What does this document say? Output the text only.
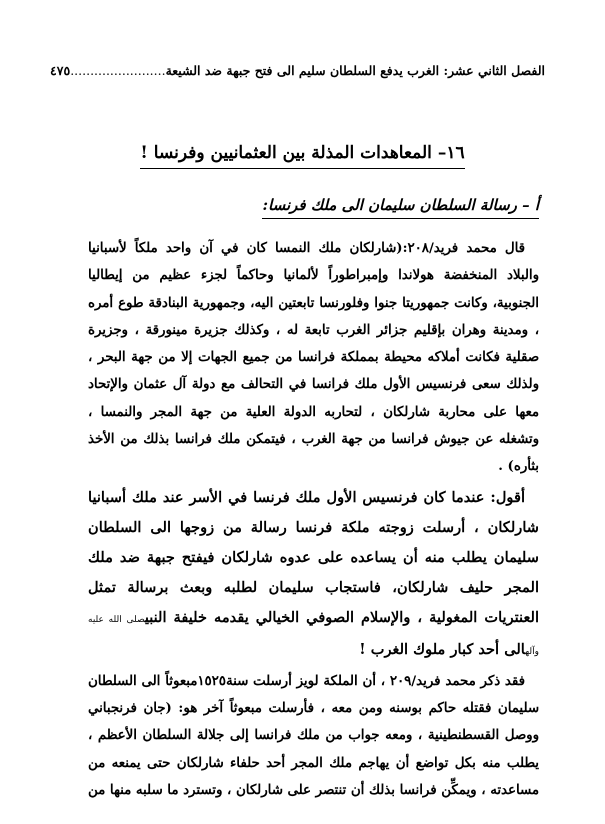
الفصل الثاني عشر: الغرب يدفع السلطان سليم الى فتح جبهة ضد الشيعة........................٤٧٥
١٦– المعاهدات المذلة بين العثمانيين وفرنسا !
أ – رسالة السلطان سليمان الى ملك فرنسا:

قال محمد فريد/٢٠٨:(شارلكان ملك النمسا كان في آن واحد ملكاً لأسبانيا والبلاد المنخفضة هولاندا وإمبراطوراً لألمانيا وحاكماً لجزء عظيم من إيطاليا الجنوبية، وكانت جمهوريتا جنوا وفلورنسا تابعتين اليه، وجمهورية البنادقة طوع أمره ، ومدينة وهران بإقليم جزائر الغرب تابعة له ، وكذلك جزيرة مينورقة ، وجزيرة صقلية فكانت أملاكه محيطة بمملكة فرانسا من جميع الجهات إلا من جهة البحر ، ولذلك سعى فرنسيس الأول ملك فرانسا في التحالف مع دولة آل عثمان والإتحاد معها على محاربة شارلكان ، لتحاربه الدولة العلية من جهة المجر والنمسا ، وتشغله عن جيوش فرانسا من جهة الغرب ، فيتمكن ملك فرانسا بذلك من الأخذ بثأره) .

أقول: عندما كان فرنسيس الأول ملك فرنسا في الأسر عند ملك أسبانيا شارلكان ، أرسلت زوجته ملكة فرنسا رسالة من زوجها الى السلطان سليمان يطلب منه أن يساعده على عدوه شارلكان فيفتح جبهة ضد ملك المجر حليف شارلكان، فاستجاب سليمان لطلبه وبعث برسالة تمثل العنتريات المغولية ، والإسلام الصوفي الخيالي يقدمه خليفة النبيصلى الله عليه وآلهالى أحد كبار ملوك الغرب !

فقد ذكر محمد فريد/٢٠٩ ، أن الملكة لويز أرسلت سنة١٥٢٥مبعوثاً الى السلطان سليمان فقتله حاكم بوسنه ومن معه ، فأرسلت مبعوثاً آخر هو: (جان فرنجباني ووصل القسطنطينية ، ومعه جواب من ملك فرانسا إلى جلالة السلطان الأعظم ، يطلب منه بكل تواضع أن يهاجم ملك المجر أحد حلفاء شارلكان حتى يمنعه من مساعدته ، ويمكِّن فرانسا بذلك أن تنتصر على شارلكان ، وتسترد ما سلبه منها من
